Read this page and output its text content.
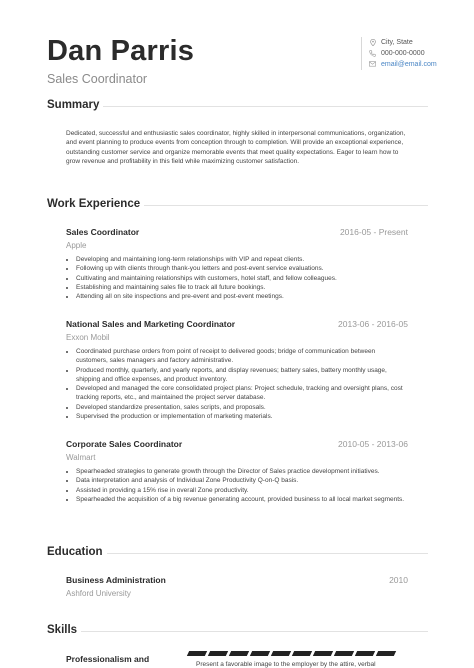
Dan Parris
Sales Coordinator
City, State
000-000-0000
email@email.com
Summary
Dedicated, successful and enthusiastic sales coordinator, highly skilled in interpersonal communications, organization, and event planning to produce events from conception through to completion. Will provide an exceptional experience, outstanding customer service and organize memorable events that meet quality expectations. Eager to learn how to grow revenue and profitability in this field while maximizing customer satisfaction.
Work Experience
Sales Coordinator	2016-05 - Present
Apple
• Developing and maintaining long-term relationships with VIP and repeat clients.
• Following up with clients through thank-you letters and post-event service evaluations.
• Cultivating and maintaining relationships with customers, hotel staff, and fellow colleagues.
• Establishing and maintaining sales file to track all future bookings.
• Attending all on site inspections and pre-event and post-event meetings.
National Sales and Marketing Coordinator	2013-06 - 2016-05
Exxon Mobil
• Coordinated purchase orders from point of receipt to delivered goods; bridge of communication between customers, sales managers and factory administrative.
• Produced monthly, quarterly, and yearly reports, and display revenues; battery sales, battery monthly usage, shipping and office expenses, and product inventory.
• Developed and managed the core consolidated project plans: Project schedule, tracking and oversight plans, cost tracking reports, etc., and maintained the project server database.
• Developed standardize presentation, sales scripts, and proposals.
• Supervised the production or implementation of marketing materials.
Corporate Sales Coordinator	2010-05 - 2013-06
Walmart
• Spearheaded strategies to generate growth through the Director of Sales practice development initiatives.
• Data interpretation and analysis of Individual Zone Productivity Q-on-Q basis.
• Assisted in providing a 15% rise in overall Zone productivity.
• Spearheaded the acquisition of a big revenue generating account, provided business to all local market segments.
Education
Business Administration	2010
Ashford University
Skills
Professionalism and
Present a favorable image to the employer by the attire, verbal
